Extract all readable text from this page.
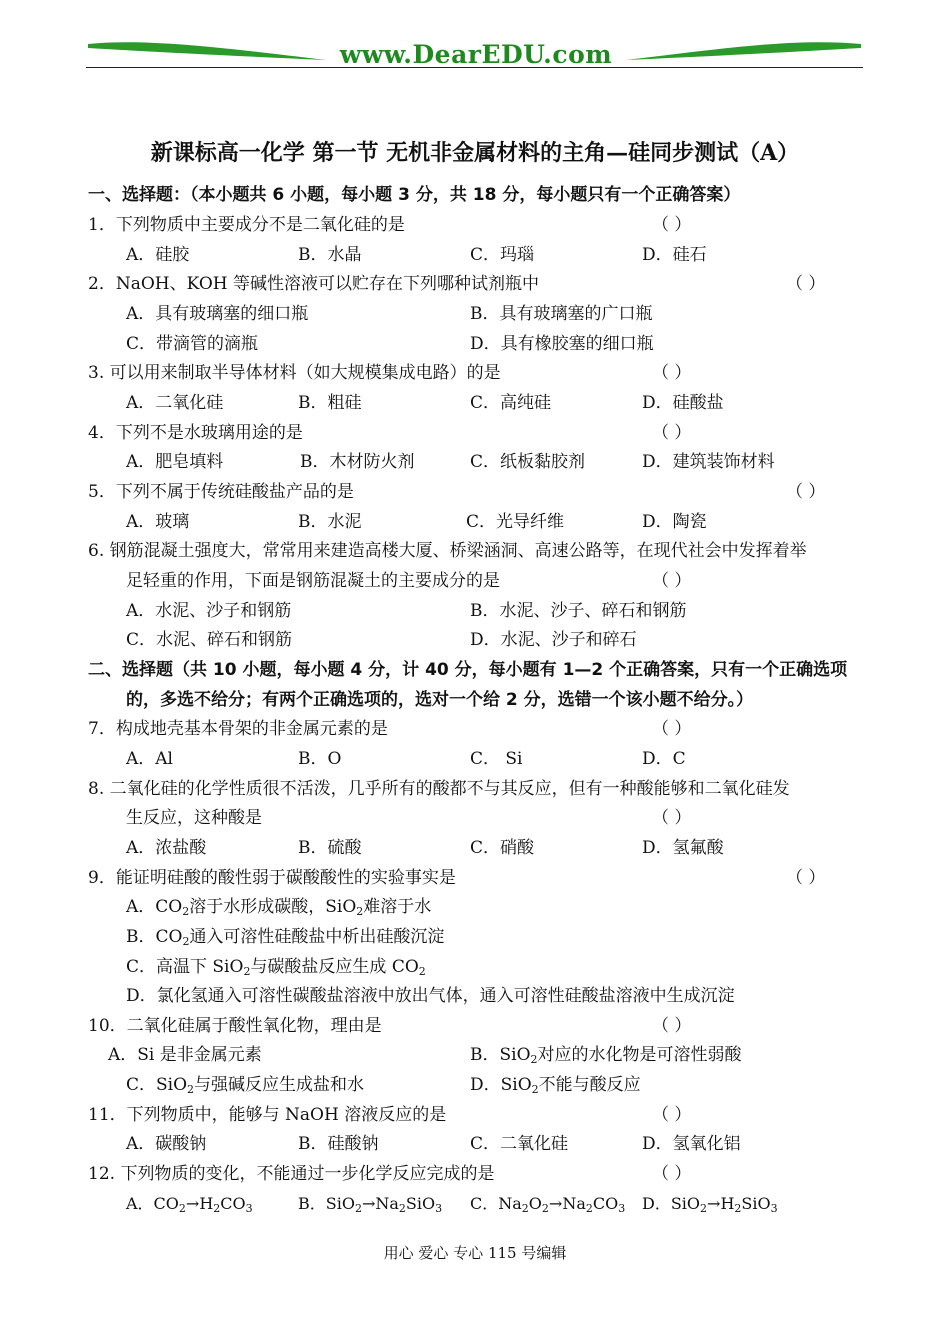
www.DearEDU.com
新课标高一化学 第一节 无机非金属材料的主角—硅同步测试（A）
一、选择题：（本小题共 6 小题，每小题 3 分，共 18 分，每小题只有一个正确答案）
1．下列物质中主要成分不是二氧化硅的是	（ ）
A．硅胶	B．水晶	C．玛瑙	D．硅石
2．NaOH、KOH 等碱性溶液可以贮存在下列哪种试剂瓶中	（ ）
A．具有玻璃塞的细口瓶	B．具有玻璃塞的广口瓶
C．带滴管的滴瓶	D．具有橡胶塞的细口瓶
3. 可以用来制取半导体材料（如大规模集成电路）的是	（ ）
A．二氧化硅	B．粗硅	C．高纯硅	D．硅酸盐
4．下列不是水玻璃用途的是	（ ）
A．肥皂填料	B．木材防火剂	C．纸板黏胶剂	D．建筑装饰材料
5．下列不属于传统硅酸盐产品的是	（ ）
A．玻璃	B．水泥	C．光导纤维	D．陶瓷
6. 钢筋混凝土强度大，常常用来建造高楼大厦、桥梁涵洞、高速公路等，在现代社会中发挥着举
足轻重的作用，下面是钢筋混凝土的主要成分的是	（ ）
A．水泥、沙子和钢筋	B．水泥、沙子、碎石和钢筋
C．水泥、碎石和钢筋	D．水泥、沙子和碎石
二、选择题（共 10 小题，每小题 4 分，计 40 分，每小题有 1—2 个正确答案，只有一个正确选项
的，多选不给分；有两个正确选项的，选对一个给 2 分，选错一个该小题不给分。）
7．构成地壳基本骨架的非金属元素的是	（ ）
A．Al	B．O	C． Si	D．C
8. 二氧化硅的化学性质很不活泼，几乎所有的酸都不与其反应，但有一种酸能够和二氧化硅发
生反应，这种酸是	（ ）
A．浓盐酸	B．硫酸	C．硝酸	D．氢氟酸
9．能证明硅酸的酸性弱于碳酸酸性的实验事实是	（ ）
A．$CO_2$溶于水形成碳酸，SiO$_2$难溶于水
B．$CO_2$通入可溶性硅酸盐中析出硅酸沉淀
C．高温下 SiO$_2$与碳酸盐反应生成 $CO_2$
D．氯化氢通入可溶性碳酸盐溶液中放出气体，通入可溶性硅酸盐溶液中生成沉淀
10．二氧化硅属于酸性氧化物，理由是	（ ）
A．Si 是非金属元素	B．SiO$_2$对应的水化物是可溶性弱酸
C．SiO$_2$与强碱反应生成盐和水	D．SiO$_2$不能与酸反应
11．下列物质中，能够与 NaOH 溶液反应的是	（ ）
A．碳酸钠	B．硅酸钠	C．二氧化硅	D．氢氧化铝
12. 下列物质的变化，不能通过一步化学反应完成的是	（ ）
A．$CO_2\to H_2CO_3$	B．$SiO_2\to Na_2SiO_3$ C．$Na_2O_2\to Na_2CO_3$ D．$SiO_2\to H_2SiO_3$
用心 爱心 专心 115 号编辑
